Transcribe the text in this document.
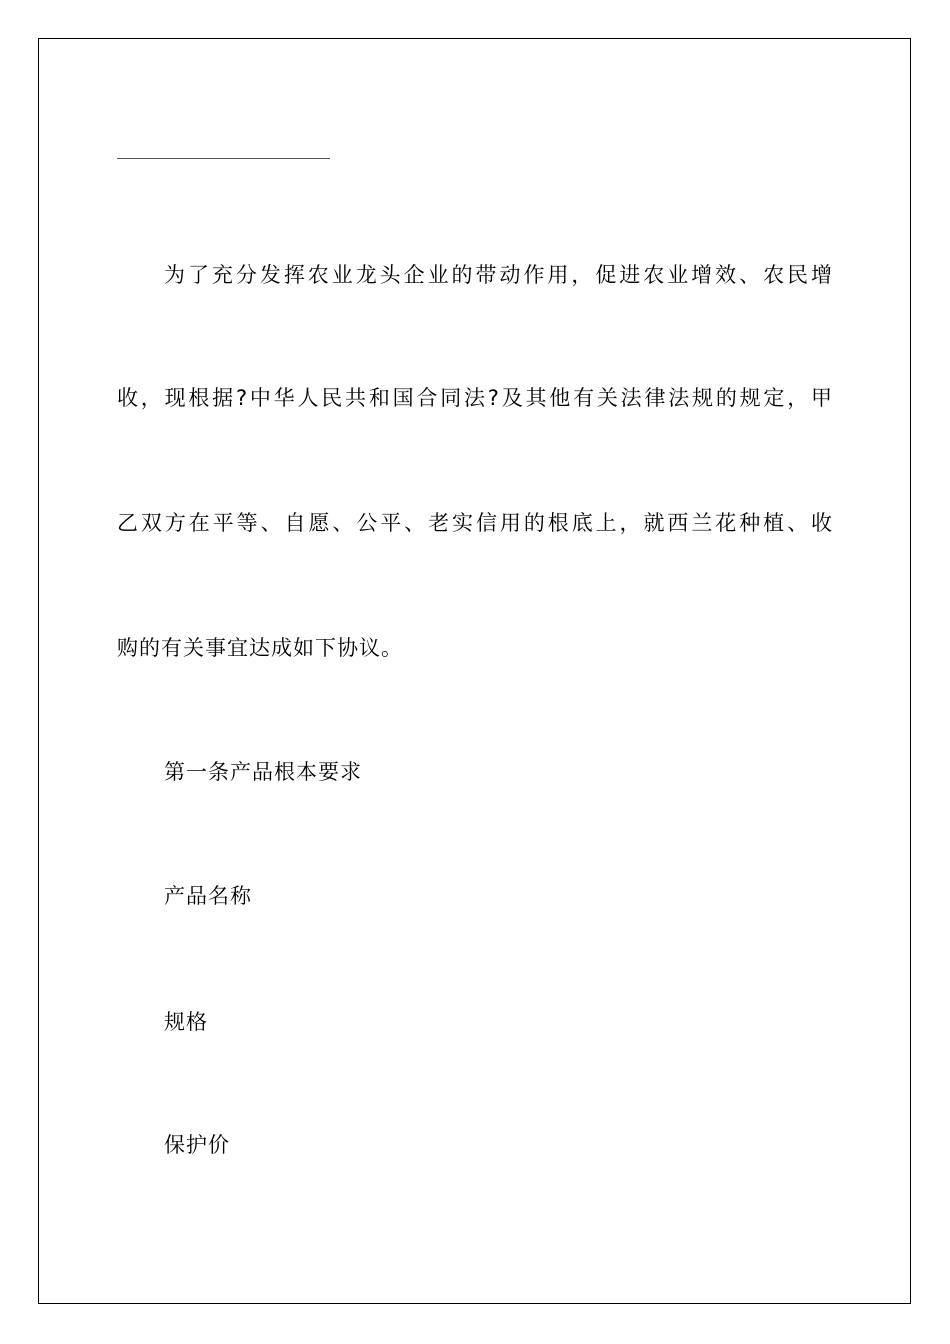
为了充分发挥农业龙头企业的带动作用，促进农业增效、农民增
收，现根据?中华人民共和国合同法?及其他有关法律法规的规定，甲
乙双方在平等、自愿、公平、老实信用的根底上，就西兰花种植、收
购的有关事宜达成如下协议。
第一条产品根本要求
产品名称
规格
保护价
